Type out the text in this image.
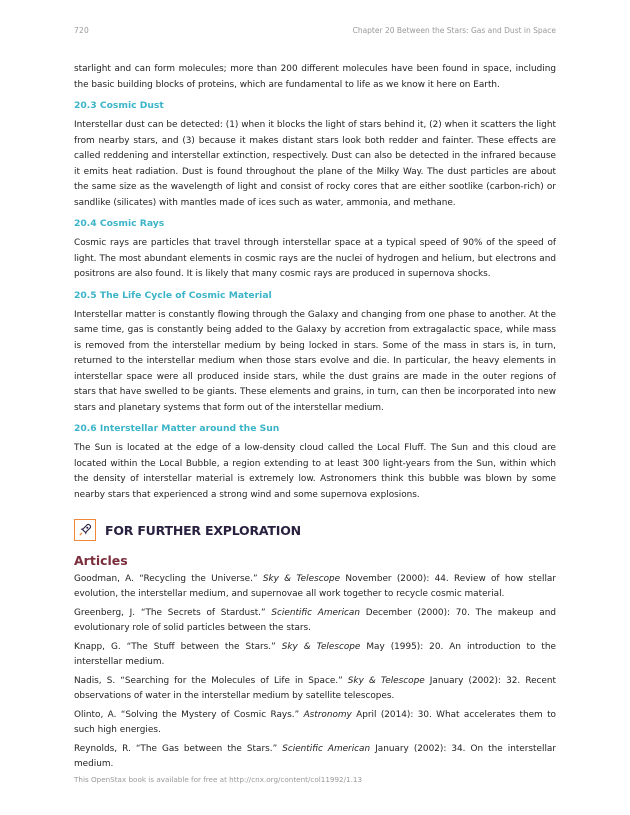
720	Chapter 20 Between the Stars: Gas and Dust in Space

starlight and can form molecules; more than 200 different molecules have been found in space, including the basic building blocks of proteins, which are fundamental to life as we know it here on Earth.

20.3 Cosmic Dust

Interstellar dust can be detected: (1) when it blocks the light of stars behind it, (2) when it scatters the light from nearby stars, and (3) because it makes distant stars look both redder and fainter. These effects are called reddening and interstellar extinction, respectively. Dust can also be detected in the infrared because it emits heat radiation. Dust is found throughout the plane of the Milky Way. The dust particles are about the same size as the wavelength of light and consist of rocky cores that are either sootlike (carbon-rich) or sandlike (silicates) with mantles made of ices such as water, ammonia, and methane.

20.4 Cosmic Rays

Cosmic rays are particles that travel through interstellar space at a typical speed of 90% of the speed of light. The most abundant elements in cosmic rays are the nuclei of hydrogen and helium, but electrons and positrons are also found. It is likely that many cosmic rays are produced in supernova shocks.

20.5 The Life Cycle of Cosmic Material

Interstellar matter is constantly flowing through the Galaxy and changing from one phase to another. At the same time, gas is constantly being added to the Galaxy by accretion from extragalactic space, while mass is removed from the interstellar medium by being locked in stars. Some of the mass in stars is, in turn, returned to the interstellar medium when those stars evolve and die. In particular, the heavy elements in interstellar space were all produced inside stars, while the dust grains are made in the outer regions of stars that have swelled to be giants. These elements and grains, in turn, can then be incorporated into new stars and planetary systems that form out of the interstellar medium.

20.6 Interstellar Matter around the Sun

The Sun is located at the edge of a low-density cloud called the Local Fluff. The Sun and this cloud are located within the Local Bubble, a region extending to at least 300 light-years from the Sun, within which the density of interstellar material is extremely low. Astronomers think this bubble was blown by some nearby stars that experienced a strong wind and some supernova explosions.

FOR FURTHER EXPLORATION
Articles

Goodman, A. “Recycling the Universe.” Sky & Telescope November (2000): 44. Review of how stellar evolution, the interstellar medium, and supernovae all work together to recycle cosmic material.

Greenberg, J. “The Secrets of Stardust.” Scientific American December (2000): 70. The makeup and evolutionary role of solid particles between the stars.

Knapp, G. “The Stuff between the Stars.” Sky & Telescope May (1995): 20. An introduction to the interstellar medium.

Nadis, S. “Searching for the Molecules of Life in Space.” Sky & Telescope January (2002): 32. Recent observations of water in the interstellar medium by satellite telescopes.

Olinto, A. “Solving the Mystery of Cosmic Rays.” Astronomy April (2014): 30. What accelerates them to such high energies.

Reynolds, R. “The Gas between the Stars.” Scientific American January (2002): 34. On the interstellar medium.

This OpenStax book is available for free at http://cnx.org/content/col11992/1.13
